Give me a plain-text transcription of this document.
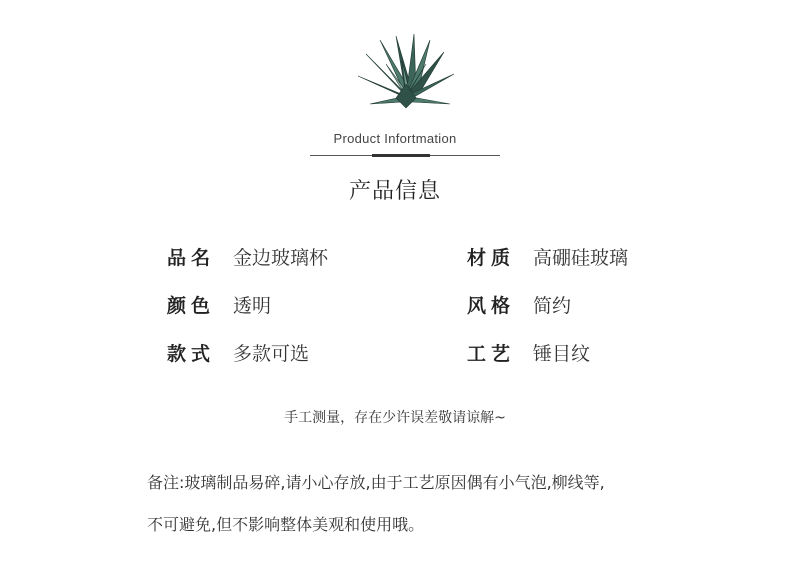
Product Infortmation
产品信息
品名 金边玻璃杯
颜色 透明
款式 多款可选
材质 高硼硅玻璃
风格 简约
工艺 锤目纹
手工测量，存在少许误差敬请谅解~
备注:玻璃制品易碎,请小心存放,由于工艺原因偶有小气泡,柳线等,
不可避免,但不影响整体美观和使用哦。
